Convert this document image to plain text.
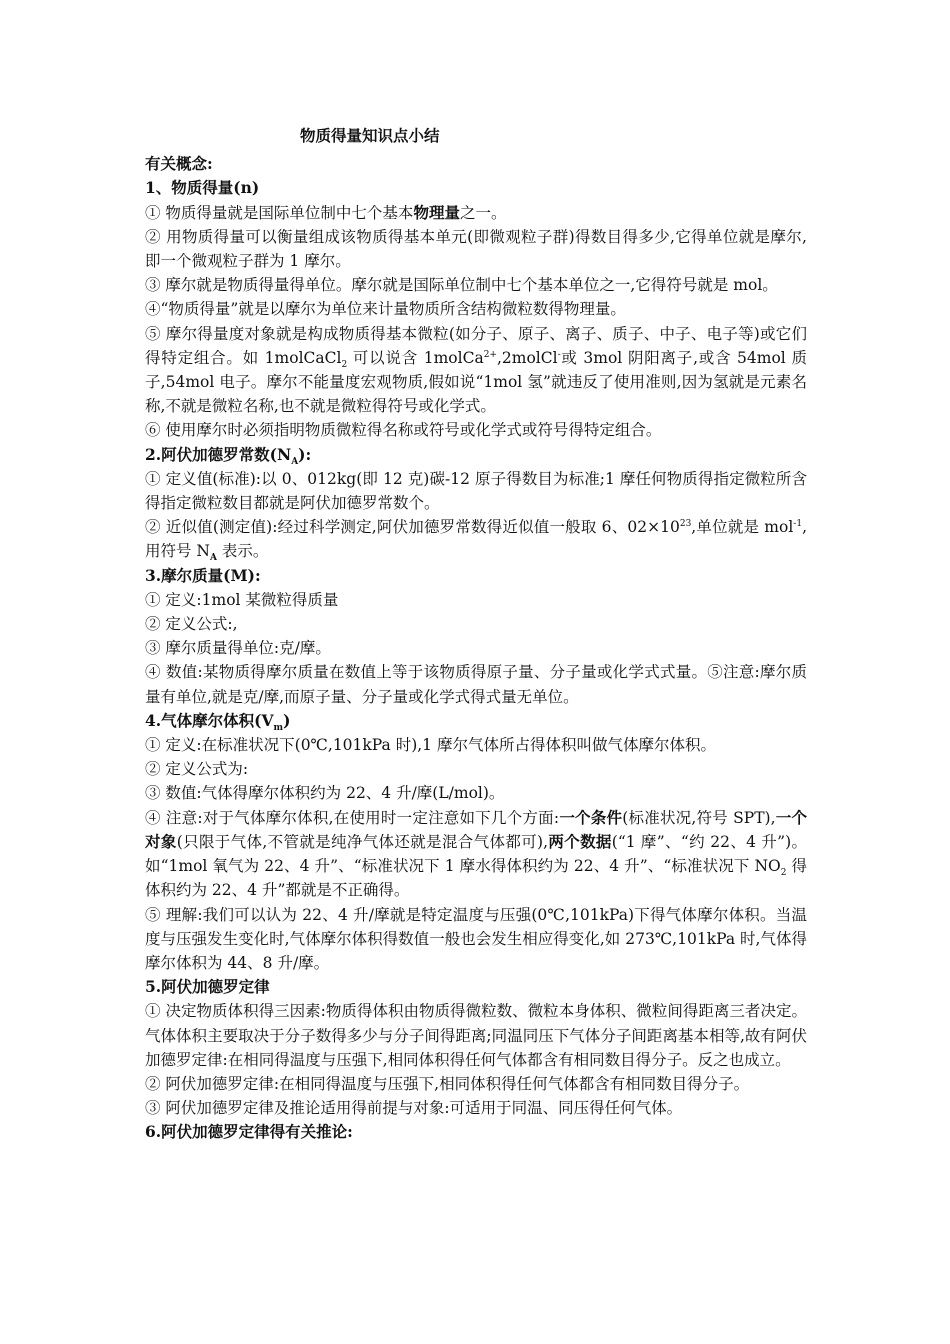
物质得量知识点小结
有关概念:
1、物质得量(n)

① 物质得量就是国际单位制中七个基本物理量之一。

② 用物质得量可以衡量组成该物质得基本单元(即微观粒子群)得数目得多少,它得单位就是摩尔,即一个微观粒子群为 1 摩尔。

③ 摩尔就是物质得量得单位。摩尔就是国际单位制中七个基本单位之一,它得符号就是 mol。

④“物质得量”就是以摩尔为单位来计量物质所含结构微粒数得物理量。

⑤ 摩尔得量度对象就是构成物质得基本微粒(如分子、原子、离子、质子、中子、电子等)或它们得特定组合。如 1molCaCl$_2$ 可以说含 1molCa$^{2+}$,2molCl-或 3mol 阴阳离子,或含 54mol 质子,54mol 电子。摩尔不能量度宏观物质,假如说“1mol 氢”就违反了使用准则,因为氢就是元素名称,不就是微粒名称,也不就是微粒得符号或化学式。

⑥ 使用摩尔时必须指明物质微粒得名称或符号或化学式或符号得特定组合。

2.阿伏加德罗常数$(N_A)$:

① 定义值(标准):以 0、012kg(即 12 克)碳-12 原子得数目为标准;1 摩任何物质得指定微粒所含得指定微粒数目都就是阿伏加德罗常数个。

② 近似值(测定值):经过科学测定,阿伏加德罗常数得近似值一般取 6、$02\times 10^{23}$,单位就是 mol$^{-1}$,用符号 $N_A$ 表示。

3.摩尔质量(M):

① 定义:1mol 某微粒得质量

② 定义公式:,

③ 摩尔质量得单位:克/摩。

④ 数值:某物质得摩尔质量在数值上等于该物质得原子量、分子量或化学式式量。⑤注意:摩尔质量有单位,就是克/摩,而原子量、分子量或化学式得式量无单位。

4.气体摩尔体积$(V_m)$

① 定义:在标准状况下(0℃,101kPa 时),1 摩尔气体所占得体积叫做气体摩尔体积。

② 定义公式为:

③ 数值:气体得摩尔体积约为 22、4 升/摩(L/mol)。

④ 注意:对于气体摩尔体积,在使用时一定注意如下几个方面:一个条件(标准状况,符号 SPT),一个对象(只限于气体,不管就是纯净气体还就是混合气体都可),两个数据(“1 摩”、“约 22、4 升”)。如“1mol 氧气为 22、4 升”、“标准状况下 1 摩水得体积约为 22、4 升”、“标准状况下 $NO_2$ 得体积约为 22、4 升”都就是不正确得。

⑤ 理解:我们可以认为 22、4 升/摩就是特定温度与压强(0℃,101kPa)下得气体摩尔体积。当温度与压强发生变化时,气体摩尔体积得数值一般也会发生相应得变化,如 273℃,101kPa 时,气体得摩尔体积为 44、8 升/摩。

5.阿伏加德罗定律

① 决定物质体积得三因素:物质得体积由物质得微粒数、微粒本身体积、微粒间得距离三者决定。气体体积主要取决于分子数得多少与分子间得距离;同温同压下气体分子间距离基本相等,故有阿伏加德罗定律:在相同得温度与压强下,相同体积得任何气体都含有相同数目得分子。反之也成立。

② 阿伏加德罗定律:在相同得温度与压强下,相同体积得任何气体都含有相同数目得分子。

③ 阿伏加德罗定律及推论适用得前提与对象:可适用于同温、同压得任何气体。

6.阿伏加德罗定律得有关推论:
